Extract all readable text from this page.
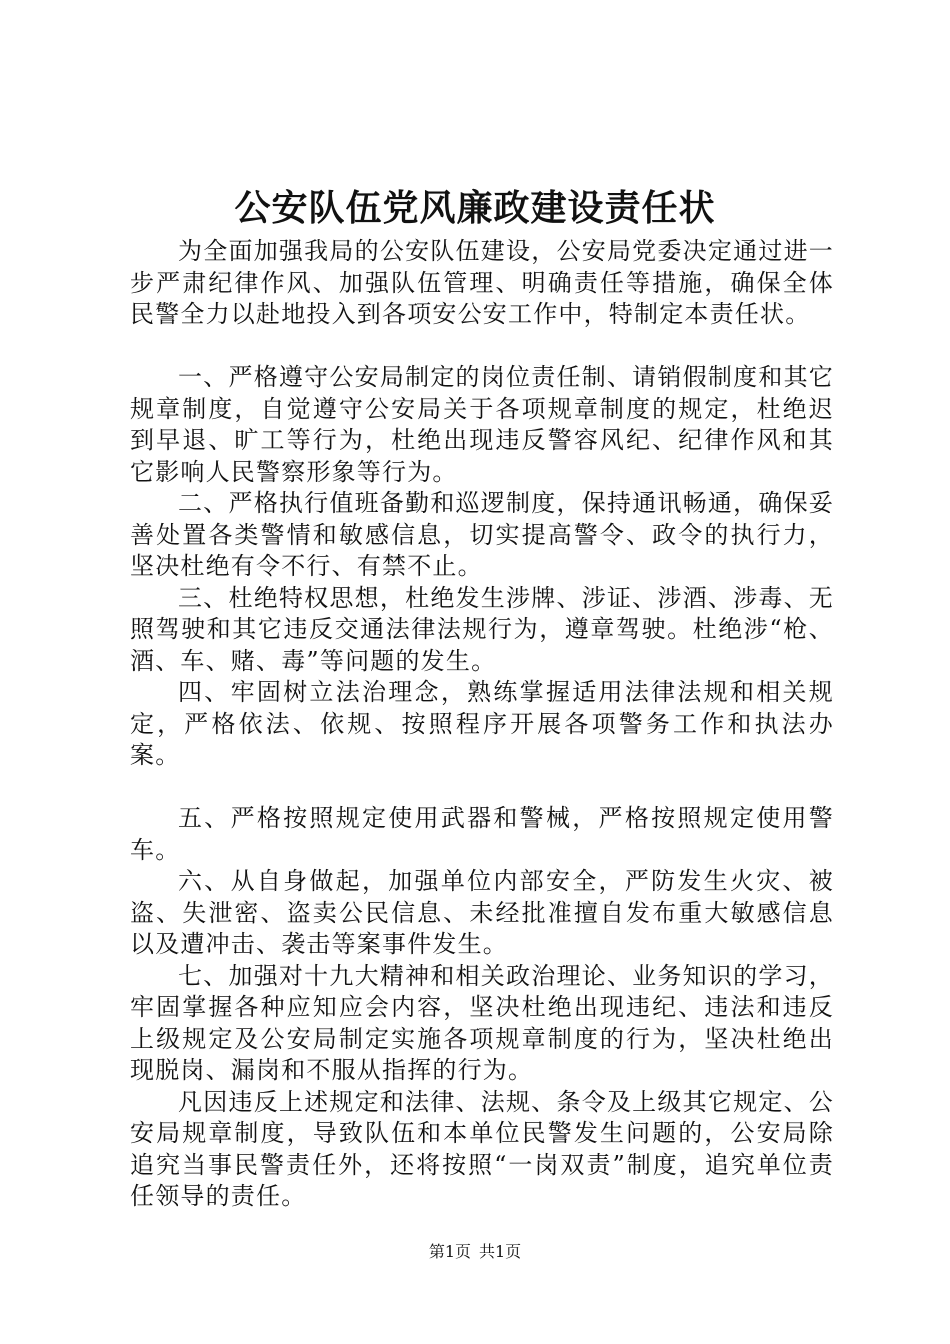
公安队伍党风廉政建设责任状

为全面加强我局的公安队伍建设，公安局党委决定通过进一步严肃纪律作风、加强队伍管理、明确责任等措施，确保全体民警全力以赴地投入到各项安公安工作中，特制定本责任状。

一、严格遵守公安局制定的岗位责任制、请销假制度和其它规章制度，自觉遵守公安局关于各项规章制度的规定，杜绝迟到早退、旷工等行为，杜绝出现违反警容风纪、纪律作风和其它影响人民警察形象等行为。

二、严格执行值班备勤和巡逻制度，保持通讯畅通，确保妥善处置各类警情和敏感信息，切实提高警令、政令的执行力，坚决杜绝有令不行、有禁不止。

三、杜绝特权思想，杜绝发生涉牌、涉证、涉酒、涉毒、无照驾驶和其它违反交通法律法规行为，遵章驾驶。杜绝涉“枪、酒、车、赌、毒”等问题的发生。

四、牢固树立法治理念，熟练掌握适用法律法规和相关规定，严格依法、依规、按照程序开展各项警务工作和执法办案。

五、严格按照规定使用武器和警械，严格按照规定使用警车。

六、从自身做起，加强单位内部安全，严防发生火灾、被盗、失泄密、盗卖公民信息、未经批准擅自发布重大敏感信息以及遭冲击、袭击等案事件发生。

七、加强对十九大精神和相关政治理论、业务知识的学习，牢固掌握各种应知应会内容，坚决杜绝出现违纪、违法和违反上级规定及公安局制定实施各项规章制度的行为，坚决杜绝出现脱岗、漏岗和不服从指挥的行为。

凡因违反上述规定和法律、法规、条令及上级其它规定、公安局规章制度，导致队伍和本单位民警发生问题的，公安局除追究当事民警责任外，还将按照“一岗双责”制度，追究单位责任领导的责任。

第1页 共1页
